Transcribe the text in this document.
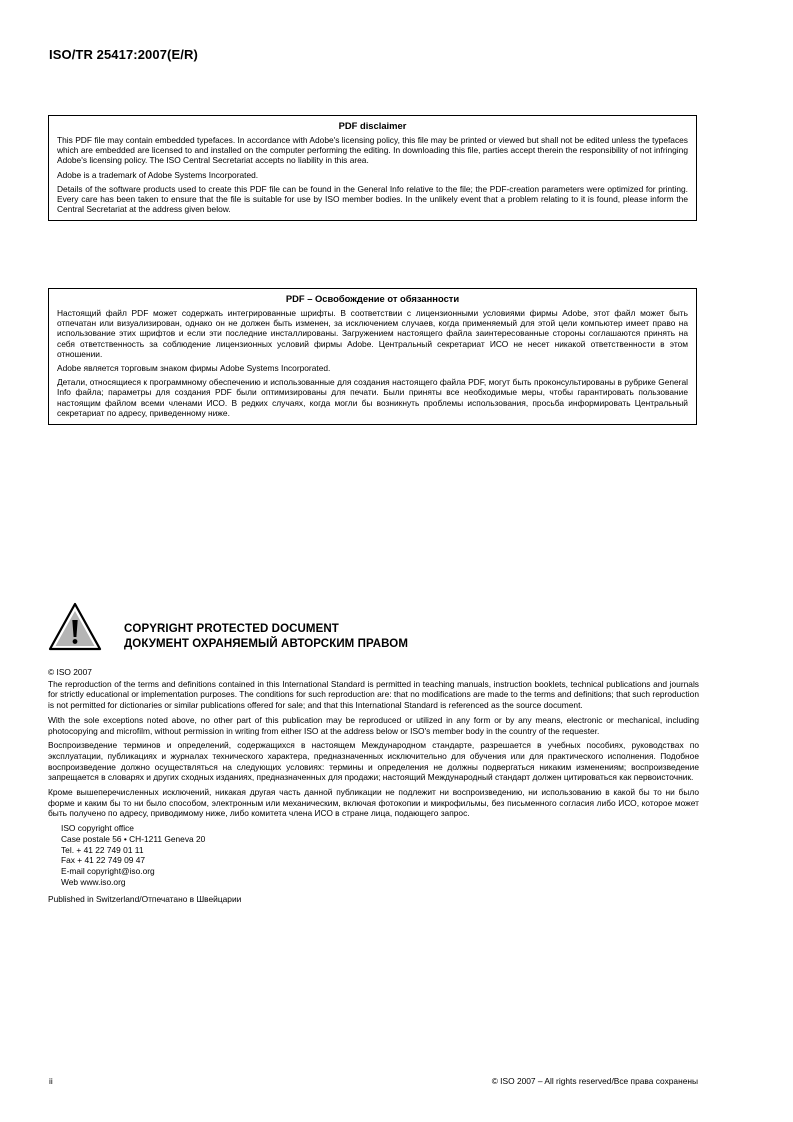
ISO/TR 25417:2007(E/R)
PDF disclaimer

This PDF file may contain embedded typefaces. In accordance with Adobe's licensing policy, this file may be printed or viewed but shall not be edited unless the typefaces which are embedded are licensed to and installed on the computer performing the editing. In downloading this file, parties accept therein the responsibility of not infringing Adobe's licensing policy. The ISO Central Secretariat accepts no liability in this area.

Adobe is a trademark of Adobe Systems Incorporated.

Details of the software products used to create this PDF file can be found in the General Info relative to the file; the PDF-creation parameters were optimized for printing. Every care has been taken to ensure that the file is suitable for use by ISO member bodies. In the unlikely event that a problem relating to it is found, please inform the Central Secretariat at the address given below.

PDF – Освобождение от обязанности

Настоящий файл PDF может содержать интегрированные шрифты. В соответствии с лицензионными условиями фирмы Adobe, этот файл может быть отпечатан или визуализирован, однако он не должен быть изменен, за исключением случаев, когда применяемый для этой цели компьютер имеет право на использование этих шрифтов и если эти последние инсталлированы. Загружением настоящего файла заинтересованные стороны соглашаются принять на себя ответственность за соблюдение лицензионных условий фирмы Adobe. Центральный секретариат ИСО не несет никакой ответственности в этом отношении.

Adobe является торговым знаком фирмы Adobe Systems Incorporated.

Детали, относящиеся к программному обеспечению и использованные для создания настоящего файла PDF, могут быть проконсультированы в рубрике General Info файла; параметры для создания PDF были оптимизированы для печати. Были приняты все необходимые меры, чтобы гарантировать пользование настоящим файлом всеми членами ИСО. В редких случаях, когда могли бы возникнуть проблемы использования, просьба информировать Центральный секретариат по адресу, приведенному ниже.

COPYRIGHT PROTECTED DOCUMENT
ДОКУМЕНТ ОХРАНЯЕМЫЙ АВТОРСКИМ ПРАВОМ

© ISO 2007

The reproduction of the terms and definitions contained in this International Standard is permitted in teaching manuals, instruction booklets, technical publications and journals for strictly educational or implementation purposes. The conditions for such reproduction are: that no modifications are made to the terms and definitions; that such reproduction is not permitted for dictionaries or similar publications offered for sale; and that this International Standard is referenced as the source document.

With the sole exceptions noted above, no other part of this publication may be reproduced or utilized in any form or by any means, electronic or mechanical, including photocopying and microfilm, without permission in writing from either ISO at the address below or ISO's member body in the country of the requester.

Воспроизведение терминов и определений, содержащихся в настоящем Международном стандарте, разрешается в учебных пособиях, руководствах по эксплуатации, публикациях и журналах технического характера, предназначенных исключительно для обучения или для практического исполнения. Подобное воспроизведение должно осуществляться на следующих условиях: термины и определения не должны подвергаться никаким изменениям; воспроизведение запрещается в словарях и других сходных изданиях, предназначенных для продажи; настоящий Международный стандарт должен цитироваться как первоисточник.

Кроме вышеперечисленных исключений, никакая другая часть данной публикации не подлежит ни воспроизведению, ни использованию в какой бы то ни было форме и каким бы то ни было способом, электронным или механическим, включая фотокопии и микрофильмы, без письменного согласия либо ИСО, которое может быть получено по адресу, приводимому ниже, либо комитета члена ИСО в стране лица, подающего запрос.

ISO copyright office
Case postale 56 • CH-1211 Geneva 20
Tel. + 41 22 749 01 11
Fax + 41 22 749 09 47
E-mail copyright@iso.org
Web www.iso.org

Published in Switzerland/Отпечатано в Швейцарии

ii	© ISO 2007 – All rights reserved/Все права сохранены
